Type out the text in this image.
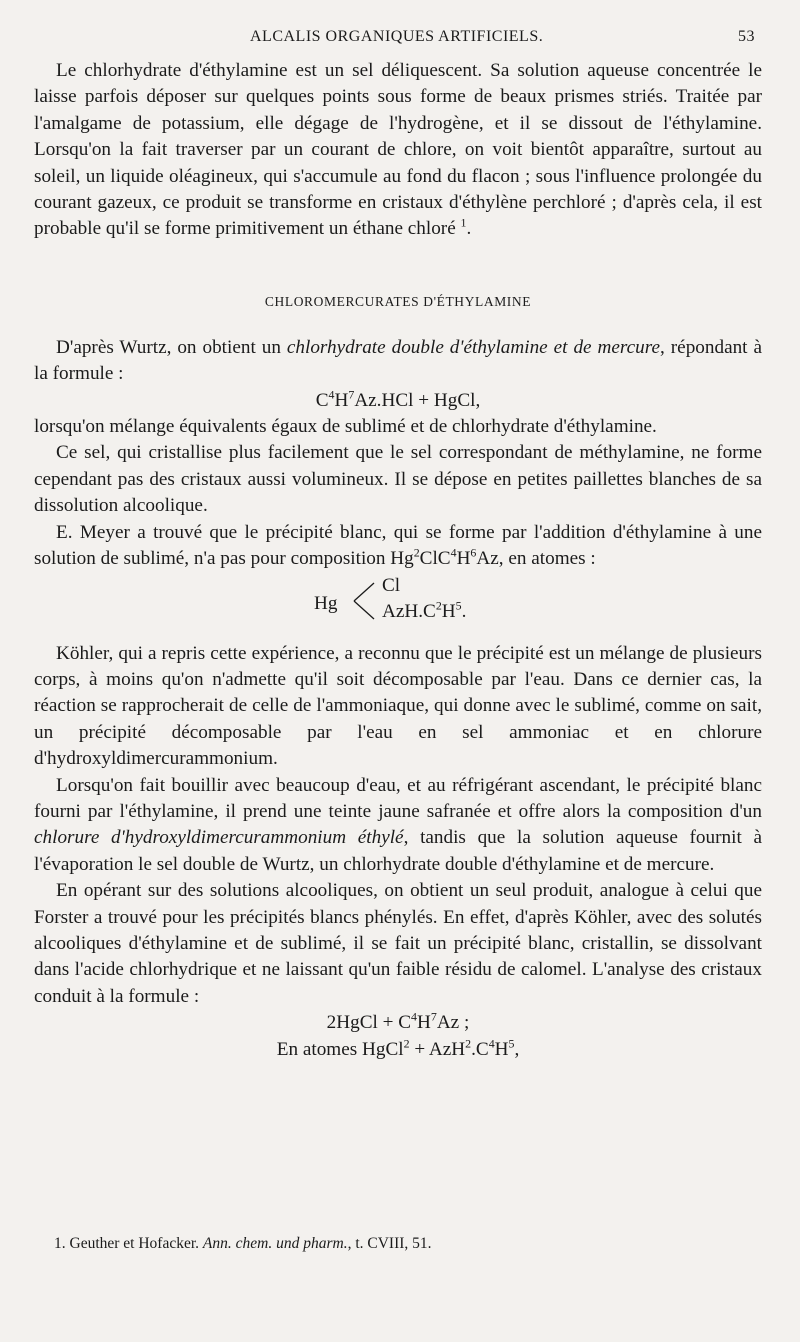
ALCALIS ORGANIQUES ARTIFICIELS.	53

Le chlorhydrate d'éthylamine est un sel déliquescent. Sa solution aqueuse concentrée le laisse parfois déposer sur quelques points sous forme de beaux prismes striés. Traitée par l'amalgame de potassium, elle dégage de l'hydrogène, et il se dissout de l'éthylamine. Lorsqu'on la fait traverser par un courant de chlore, on voit bientôt apparaître, surtout au soleil, un liquide oléagineux, qui s'accumule au fond du flacon ; sous l'influence prolongée du courant gazeux, ce produit se transforme en cristaux d'éthylène perchloré ; d'après cela, il est probable qu'il se forme primitivement un éthane chloré $^1$.

CHLOROMERCURATES D'ÉTHYLAMINE

D'après Wurtz, on obtient un chlorhydrate double d'éthylamine et de mercure, répondant à la formule :

$C^4H^7Az.HCl$ + HgCl,

lorsqu'on mélange équivalents égaux de sublimé et de chlorhydrate d'éthylamine.

Ce sel, qui cristallise plus facilement que le sel correspondant de méthylamine, ne forme cependant pas des cristaux aussi volumineux. Il se dépose en petites paillettes blanches de sa dissolution alcoolique.

E. Meyer a trouvé que le précipité blanc, qui se forme par l'addition d'éthylamine à une solution de sublimé, n'a pas pour composition $Hg^2ClC^4H^6Az$, en atomes :

Hg
Cl
$AzH.C^2H^5$.

Köhler, qui a repris cette expérience, a reconnu que le précipité est un mélange de plusieurs corps, à moins qu'on n'admette qu'il soit décomposable par l'eau. Dans ce dernier cas, la réaction se rapprocherait de celle de l'ammoniaque, qui donne avec le sublimé, comme on sait, un précipité décomposable par l'eau en sel ammoniac et en chlorure d'hydroxyldimercurammonium.

Lorsqu'on fait bouillir avec beaucoup d'eau, et au réfrigérant ascendant, le précipité blanc fourni par l'éthylamine, il prend une teinte jaune safranée et offre alors la composition d'un chlorure d'hydroxyldimercurammonium éthylé, tandis que la solution aqueuse fournit à l'évaporation le sel double de Wurtz, un chlorhydrate double d'éthylamine et de mercure.

En opérant sur des solutions alcooliques, on obtient un seul produit, analogue à celui que Forster a trouvé pour les précipités blancs phénylés. En effet, d'après Köhler, avec des solutés alcooliques d'éthylamine et de sublimé, il se fait un précipité blanc, cristallin, se dissolvant dans l'acide chlorhydrique et ne laissant qu'un faible résidu de calomel. L'analyse des cristaux conduit à la formule :

2HgCl + $C^4H^7Az$ ;
En atomes HgCl$^2$ + $AzH^2.C^4H^5$,
1. Geuther et Hofacker. Ann. chem. und pharm., t. CVIII, 51.
